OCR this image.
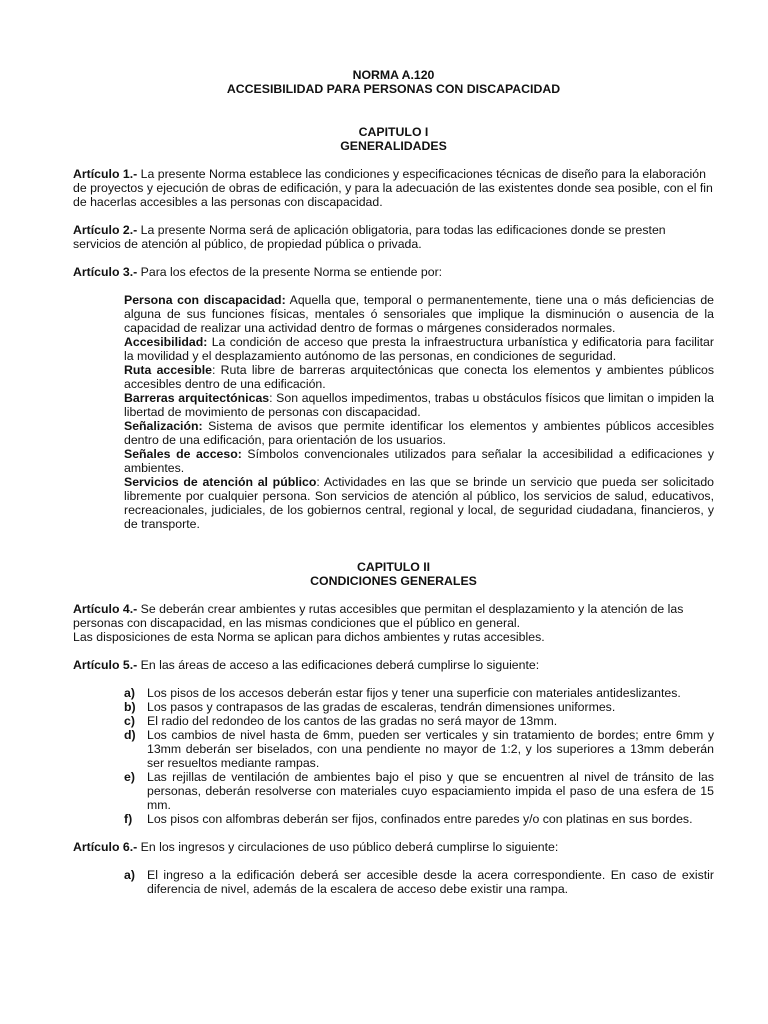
NORMA A.120
ACCESIBILIDAD PARA PERSONAS CON DISCAPACIDAD
CAPITULO I
GENERALIDADES

Artículo 1.- La presente Norma establece las condiciones y especificaciones técnicas de diseño para la elaboración de proyectos y ejecución de obras de edificación, y para la adecuación de las existentes donde sea posible, con el fin de hacerlas accesibles a las personas con discapacidad.

Artículo 2.- La presente Norma será de aplicación obligatoria, para todas las edificaciones donde se presten servicios de atención al público, de propiedad pública o privada.

Artículo 3.- Para los efectos de la presente Norma se entiende por:

Persona con discapacidad: Aquella que, temporal o permanentemente, tiene una o más deficiencias de alguna de sus funciones físicas, mentales ó sensoriales que implique la disminución o ausencia de la capacidad de realizar una actividad dentro de formas o márgenes considerados normales.

Accesibilidad: La condición de acceso que presta la infraestructura urbanística y edificatoria para facilitar la movilidad y el desplazamiento autónomo de las personas, en condiciones de seguridad.

Ruta accesible: Ruta libre de barreras arquitectónicas que conecta los elementos y ambientes públicos accesibles dentro de una edificación.

Barreras arquitectónicas: Son aquellos impedimentos, trabas u obstáculos físicos que limitan o impiden la libertad de movimiento de personas con discapacidad.

Señalización: Sistema de avisos que permite identificar los elementos y ambientes públicos accesibles dentro de una edificación, para orientación de los usuarios.

Señales de acceso: Símbolos convencionales utilizados para señalar la accesibilidad a edificaciones y ambientes.

Servicios de atención al público: Actividades en las que se brinde un servicio que pueda ser solicitado libremente por cualquier persona. Son servicios de atención al público, los servicios de salud, educativos, recreacionales, judiciales, de los gobiernos central, regional y local, de seguridad ciudadana, financieros, y de transporte.

CAPITULO II
CONDICIONES GENERALES

Artículo 4.- Se deberán crear ambientes y rutas accesibles que permitan el desplazamiento y la atención de las personas con discapacidad, en las mismas condiciones que el público en general.
Las disposiciones de esta Norma se aplican para dichos ambientes y rutas accesibles.

Artículo 5.- En las áreas de acceso a las edificaciones deberá cumplirse lo siguiente:

a) Los pisos de los accesos deberán estar fijos y tener una superficie con materiales antideslizantes.
b) Los pasos y contrapasos de las gradas de escaleras, tendrán dimensiones uniformes.
c) El radio del redondeo de los cantos de las gradas no será mayor de 13mm.
d) Los cambios de nivel hasta de 6mm, pueden ser verticales y sin tratamiento de bordes; entre 6mm y 13mm deberán ser biselados, con una pendiente no mayor de 1:2, y los superiores a 13mm deberán ser resueltos mediante rampas.
e) Las rejillas de ventilación de ambientes bajo el piso y que se encuentren al nivel de tránsito de las personas, deberán resolverse con materiales cuyo espaciamiento impida el paso de una esfera de 15 mm.
f)	Los pisos con alfombras deberán ser fijos, confinados entre paredes y/o con platinas en sus bordes.

Artículo 6.- En los ingresos y circulaciones de uso público deberá cumplirse lo siguiente:

a) El ingreso a la edificación deberá ser accesible desde la acera correspondiente. En caso de existir diferencia de nivel, además de la escalera de acceso debe existir una rampa.
